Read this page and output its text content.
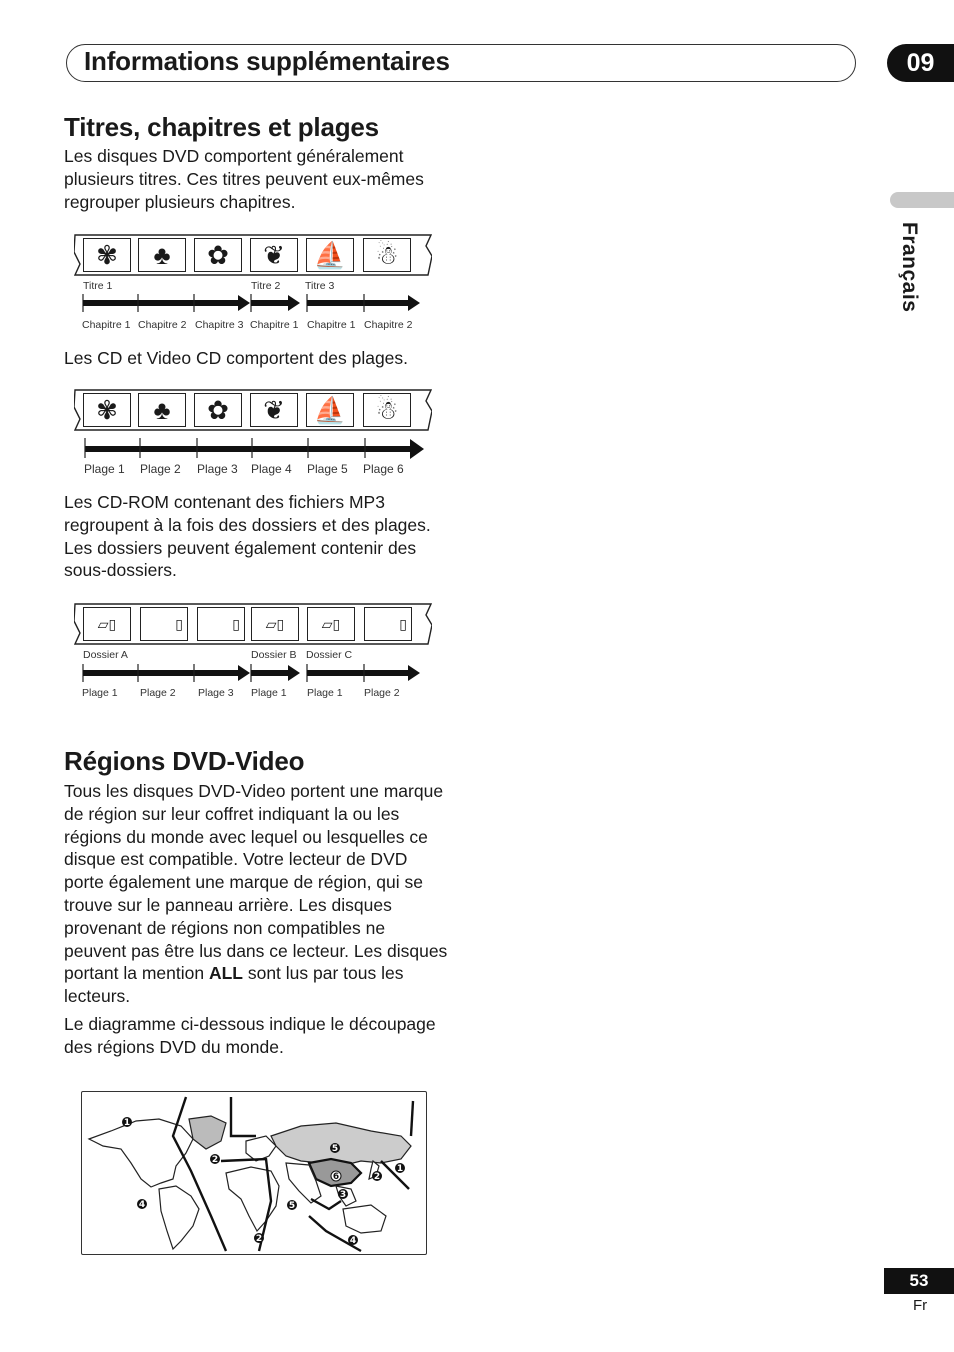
Informations supplémentaires	09
Français
Titres, chapitres et plages

Les disques DVD comportent généralement plusieurs titres. Ces titres peuvent eux-mêmes regrouper plusieurs chapitres.

✾	♣	✿	❦	⛵	☃
Titre 1	Titre 2 Titre 3
Chapitre 1 Chapitre 2 Chapitre 3 Chapitre 1 Chapitre 1 Chapitre 2

Les CD et Video CD comportent des plages.

✾	♣	✿	❦	⛵	☃
Plage 1 Plage 2 Plage 3 Plage 4 Plage 5 Plage 6

Les CD-ROM contenant des fichiers MP3 regroupent à la fois des dossiers et des plages. Les dossiers peuvent également contenir des sous-dossiers.

▱▯	▯	▯	▱▯	▱▯	▯
Dossier A	Dossier B Dossier C
Plage 1 Plage 2 Plage 3 Plage 1 Plage 1 Plage 2
Régions DVD-Video

Tous les disques DVD-Video portent une marque de région sur leur coffret indiquant la ou les régions du monde avec lequel ou lesquelles ce disque est compatible. Votre lecteur de DVD porte également une marque de région, qui se trouve sur le panneau arrière. Les disques provenant de régions non compatibles ne peuvent pas être lus dans ce lecteur. Les disques portant la mention ALL sont lus par tous les lecteurs.

Le diagramme ci-dessous indique le découpage des régions DVD du monde.

1
2
4
2
5
6
3
2
1
5
4
53
Fr
